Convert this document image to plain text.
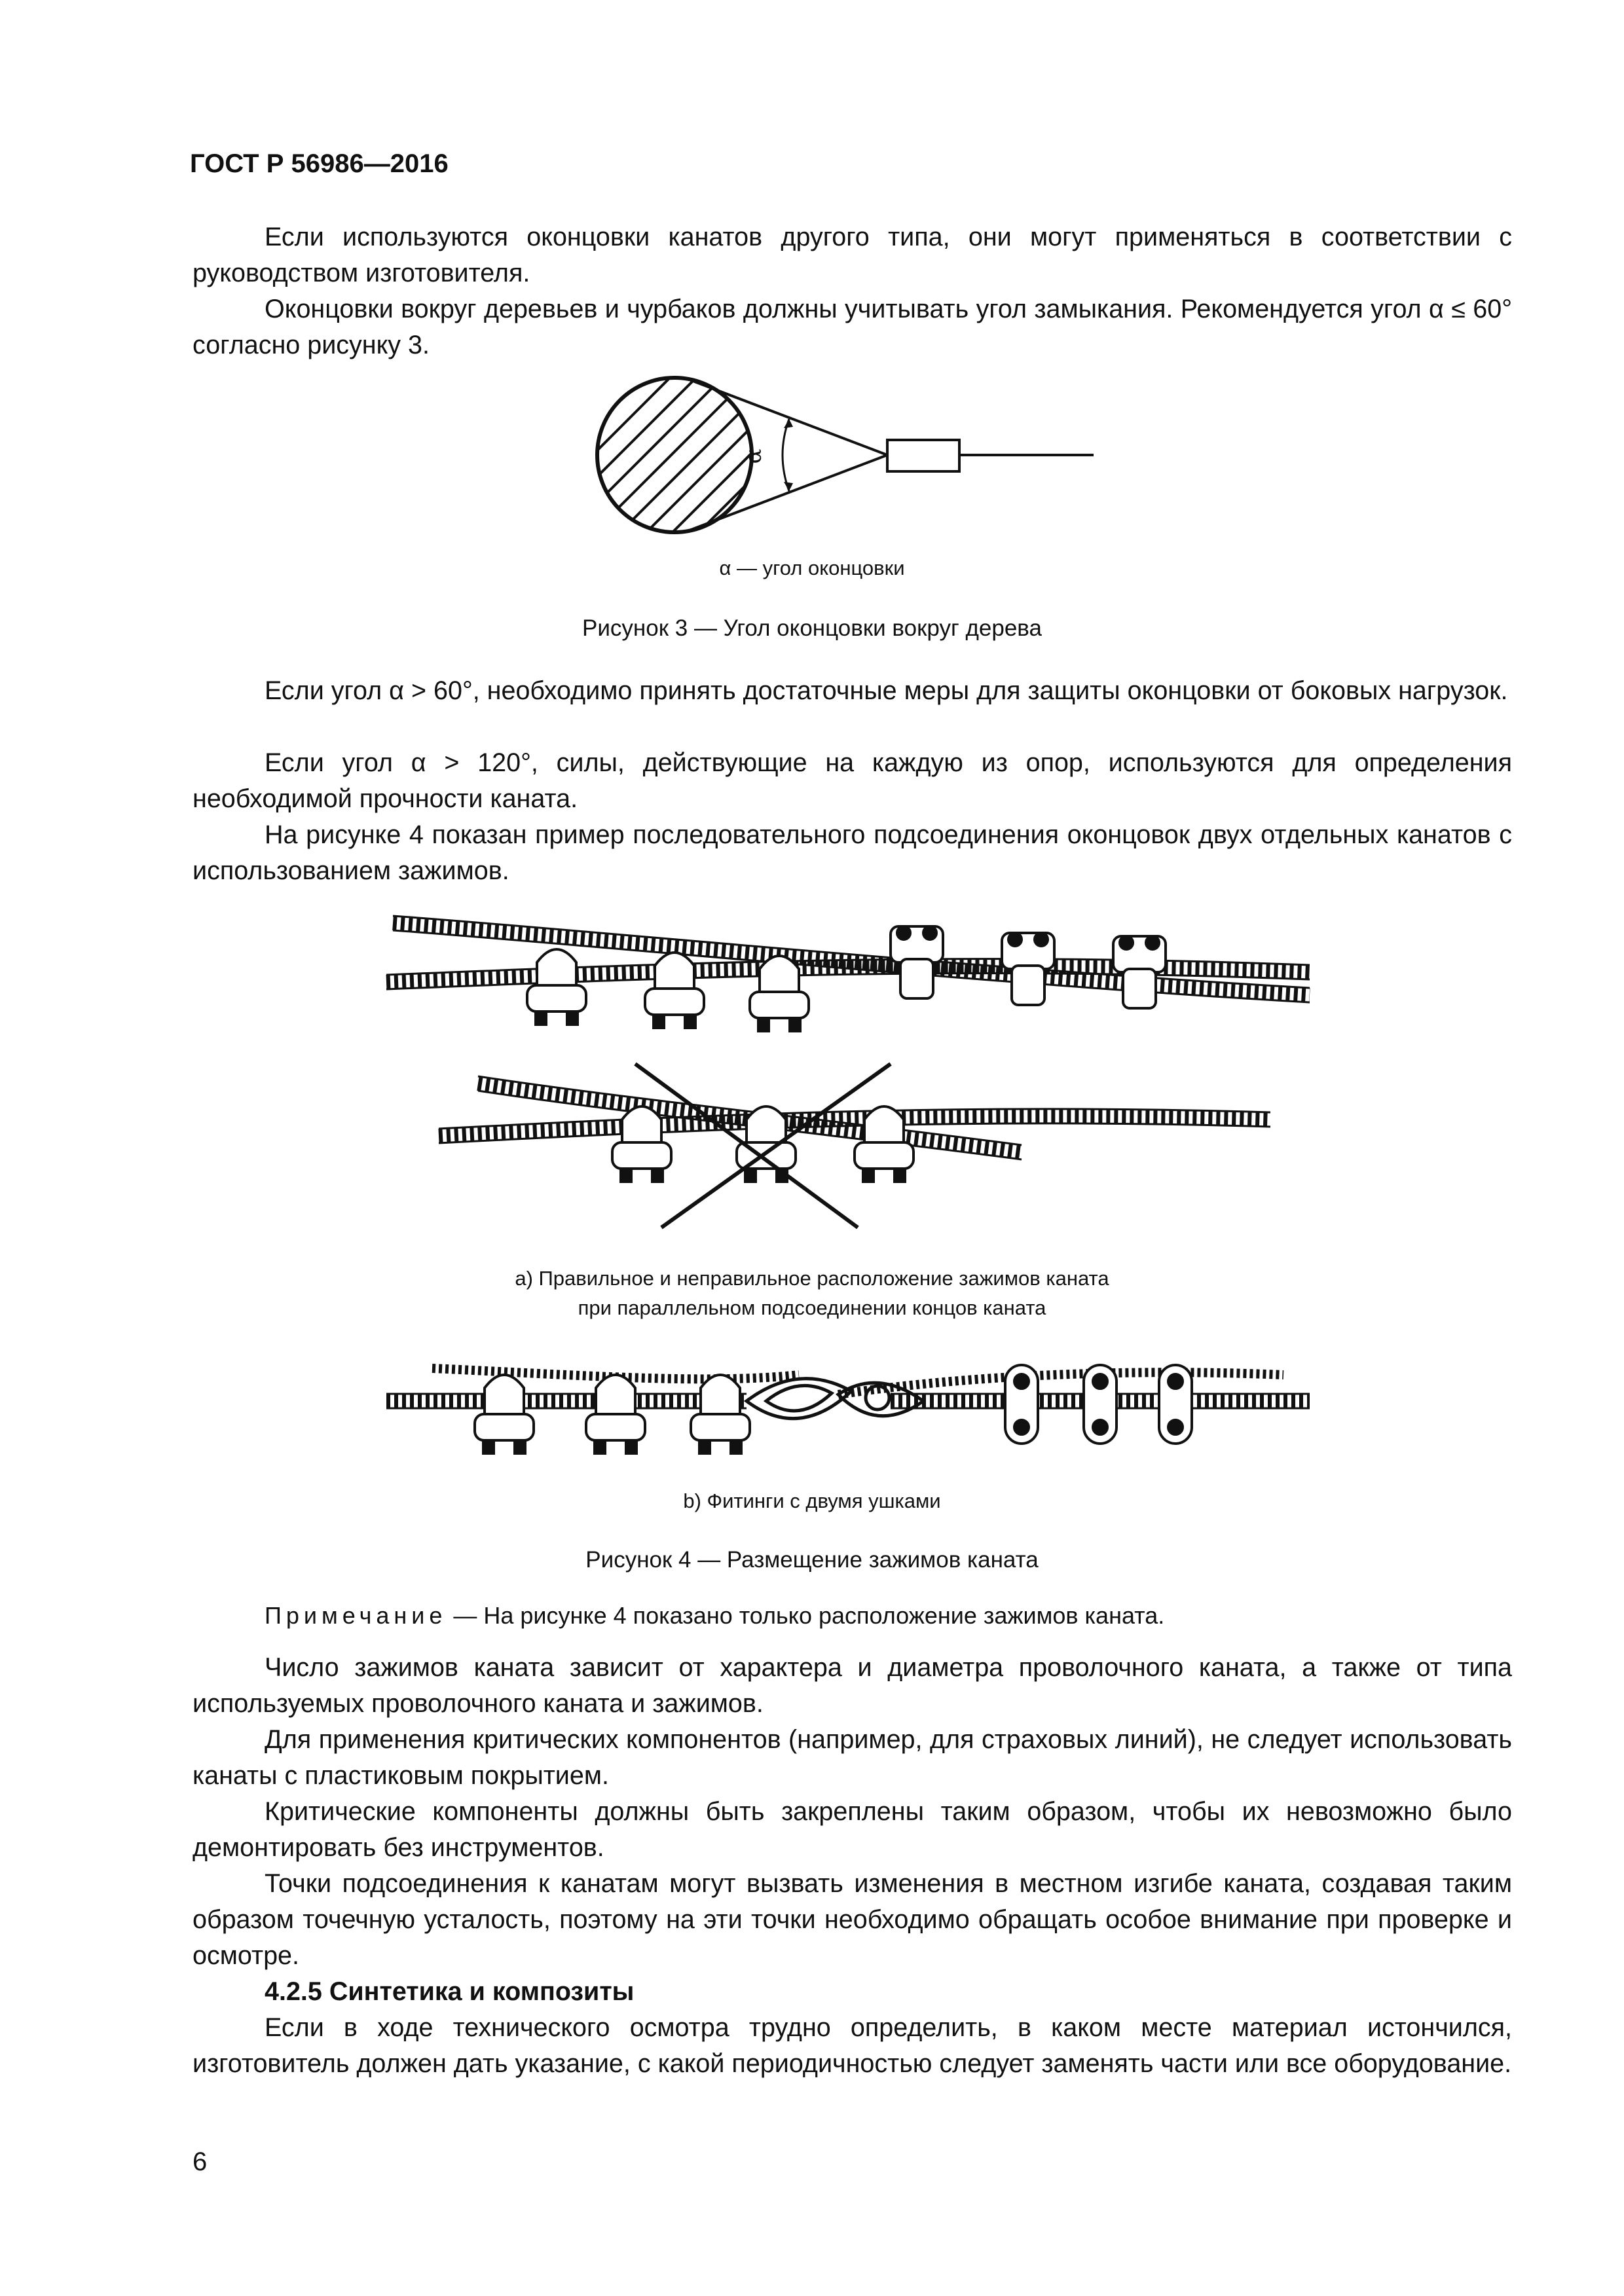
ГОСТ Р 56986—2016
Если используются оконцовки канатов другого типа, они могут применяться в соответствии с руководством изготовителя.
Оконцовки вокруг деревьев и чурбаков должны учитывать угол замыкания. Рекомендуется угол α ≤ 60° согласно рисунку 3.
α
α — угол оконцовки
Рисунок 3 — Угол оконцовки вокруг дерева
Если угол α > 60°, необходимо принять достаточные меры для защиты оконцовки от боковых нагрузок.
Если угол α > 120°, силы, действующие на каждую из опор, используются для определения необходимой прочности каната.
На рисунке 4 показан пример последовательного подсоединения оконцовок двух отдельных канатов с использованием зажимов.
a) Правильное и неправильное расположение зажимов каната
при параллельном подсоединении концов каната
b) Фитинги с двумя ушками
Рисунок 4 — Размещение зажимов каната
Примечание — На рисунке 4 показано только расположение зажимов каната.
Число зажимов каната зависит от характера и диаметра проволочного каната, а также от типа используемых проволочного каната и зажимов.
Для применения критических компонентов (например, для страховых линий), не следует использовать канаты с пластиковым покрытием.
Критические компоненты должны быть закреплены таким образом, чтобы их невозможно было демонтировать без инструментов.
Точки подсоединения к канатам могут вызвать изменения в местном изгибе каната, создавая таким образом точечную усталость, поэтому на эти точки необходимо обращать особое внимание при проверке и осмотре.
4.2.5 Синтетика и композиты
Если в ходе технического осмотра трудно определить, в каком месте материал истончился, изготовитель должен дать указание, с какой периодичностью следует заменять части или все оборудование.
6
